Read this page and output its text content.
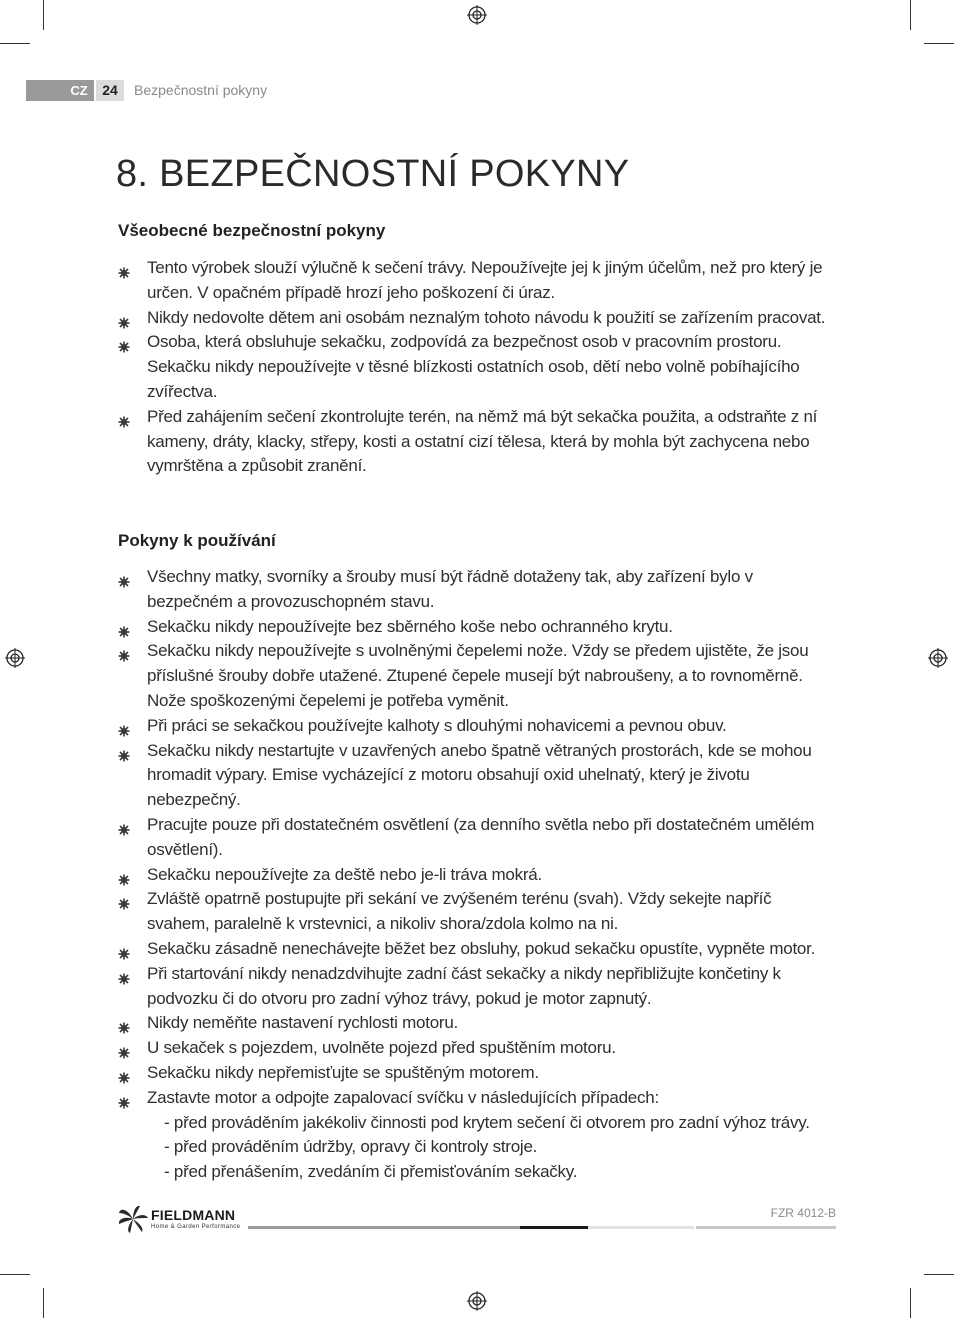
CZ	24	Bezpečnostní pokyny
8. BEZPEČNOSTNÍ POKYNY
Všeobecné bezpečnostní pokyny
Tento výrobek slouží výlučně k sečení trávy. Nepoužívejte jej k jiným účelům, než pro který je určen. V opačném případě hrozí jeho poškození či úraz.
Nikdy nedovolte dětem ani osobám neznalým tohoto návodu k použití se zařízením pracovat.
Osoba, která obsluhuje sekačku, zodpovídá za bezpečnost osob v pracovním prostoru. Sekačku nikdy nepoužívejte v těsné blízkosti ostatních osob, dětí nebo volně pobíhajícího zvířectva.
Před zahájením sečení zkontrolujte terén, na němž má být sekačka použita, a odstraňte z ní kameny, dráty, klacky, střepy, kosti a ostatní cizí tělesa, která by mohla být zachycena nebo vymrštěna a způsobit zranění.
Pokyny k používání
Všechny matky, svorníky a šrouby musí být řádně dotaženy tak, aby zařízení bylo v bezpečném a provozuschopném stavu.
Sekačku nikdy nepoužívejte bez sběrného koše nebo ochranného krytu.
Sekačku nikdy nepoužívejte s uvolněnými čepelemi nože. Vždy se předem ujistěte, že jsou příslušné šrouby dobře utažené. Ztupené čepele musejí být nabroušeny, a to rovnoměrně. Nože spoškozenými čepelemi je potřeba vyměnit.
Při práci se sekačkou používejte kalhoty s dlouhými nohavicemi a pevnou obuv.
Sekačku nikdy nestartujte v uzavřených anebo špatně větraných prostorách, kde se mohou hromadit výpary. Emise vycházející z motoru obsahují oxid uhelnatý, který je životu nebezpečný.
Pracujte pouze při dostatečném osvětlení (za denního světla nebo při dostatečném umělém osvětlení).
Sekačku nepoužívejte za deště nebo je-li tráva mokrá.
Zvláště opatrně postupujte při sekání ve zvýšeném terénu (svah). Vždy sekejte napříč svahem, paralelně k vrstevnici, a nikoliv shora/zdola kolmo na ni.
Sekačku zásadně nenechávejte běžet bez obsluhy, pokud sekačku opustíte, vypněte motor.
Při startování nikdy nenadzdvihujte zadní část sekačky a nikdy nepřibližujte končetiny k podvozku či do otvoru pro zadní výhoz trávy, pokud je motor zapnutý.
Nikdy neměňte nastavení rychlosti motoru.
U sekaček s pojezdem, uvolněte pojezd před spuštěním motoru.
Sekačku nikdy nepřemisťujte se spuštěným motorem.
Zastavte motor a odpojte zapalovací svíčku v následujících případech:
- před prováděním jakékoliv činnosti pod krytem sečení či otvorem pro zadní výhoz trávy.
- před prováděním údržby, opravy či kontroly stroje.
- před přenášením, zvedáním či přemisťováním sekačky.
FIELDMANN
Home & Garden Performance
FZR 4012-B
